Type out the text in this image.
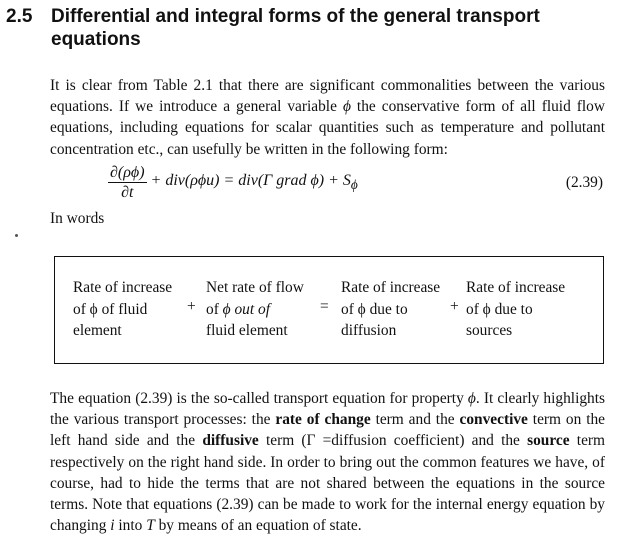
2.5 Differential and integral forms of the general transport equations
It is clear from Table 2.1 that there are significant commonalities between the various equations. If we introduce a general variable ϕ the conservative form of all fluid flow equations, including equations for scalar quantities such as temperature and pollutant concentration etc., can usefully be written in the following form:
$\frac{\partial(\rho\phi)}{\partial t} + div(\rho\phi u) = div(\Gamma$ grad $\phi) + S_\phi$	(2.39)
In words
Rate of increase
of ϕ of fluid
element
+
Net rate of flow
of ϕ out of
fluid element
=
Rate of increase
of ϕ due to
diffusion
+
Rate of increase
of ϕ due to
sources
The equation (2.39) is the so-called transport equation for property ϕ. It clearly highlights the various transport processes: the rate of change term and the convective term on the left hand side and the diffusive term (Γ =diffusion coefficient) and the source term respectively on the right hand side. In order to bring out the common features we have, of course, had to hide the terms that are not shared between the equations in the source terms. Note that equations (2.39) can be made to work for the internal energy equation by changing i into T by means of an equation of state.
